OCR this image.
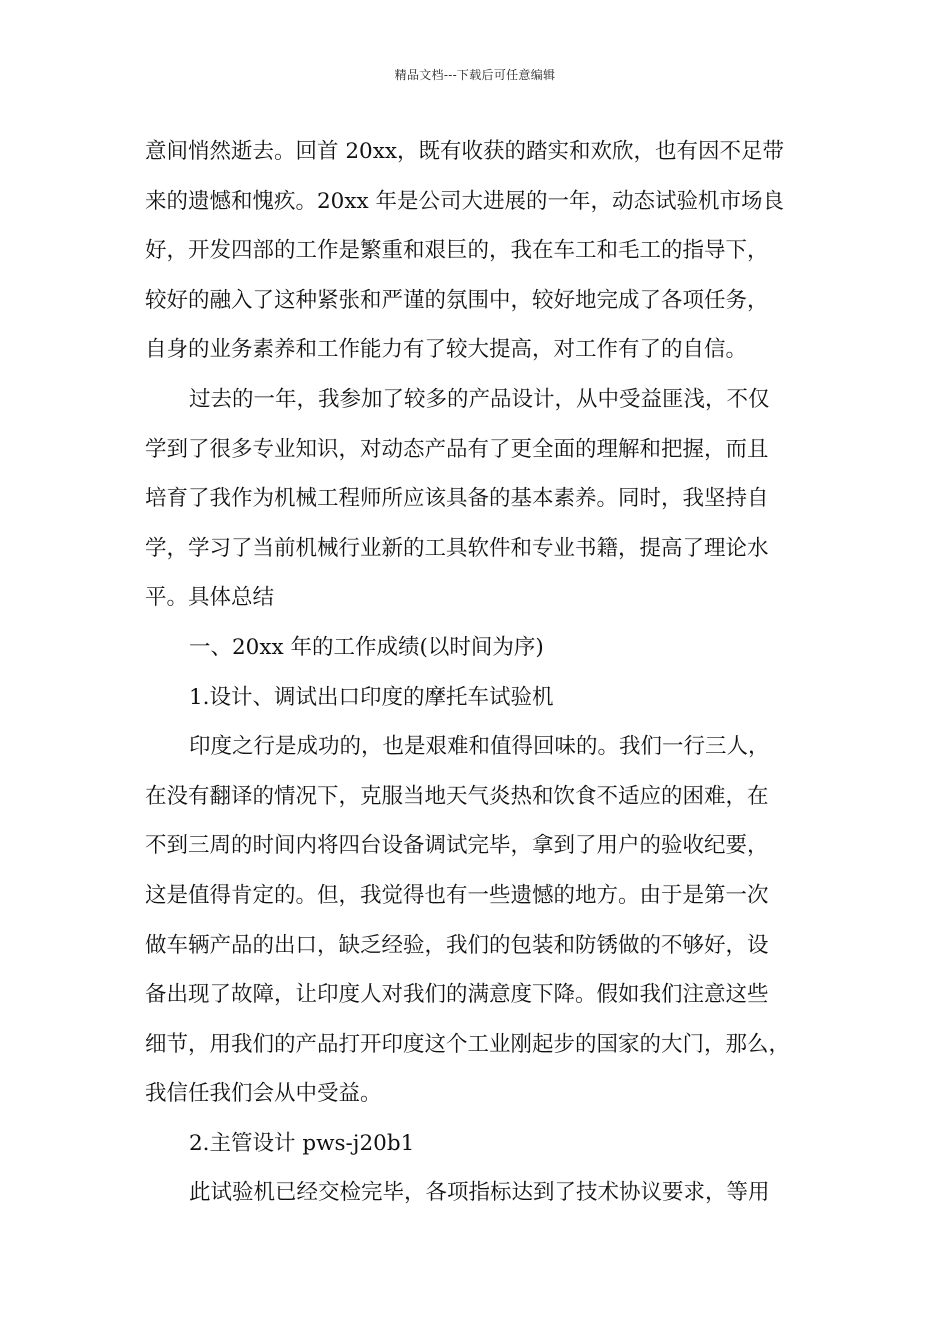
精品文档---下载后可任意编辑

意间悄然逝去。回首 20xx，既有收获的踏实和欢欣，也有因不足带

来的遗憾和愧疚。20xx 年是公司大进展的一年，动态试验机市场良

好，开发四部的工作是繁重和艰巨的，我在车工和毛工的指导下，

较好的融入了这种紧张和严谨的氛围中，较好地完成了各项任务，

自身的业务素养和工作能力有了较大提高，对工作有了的自信。

过去的一年，我参加了较多的产品设计，从中受益匪浅，不仅

学到了很多专业知识，对动态产品有了更全面的理解和把握，而且

培育了我作为机械工程师所应该具备的基本素养。同时，我坚持自

学，学习了当前机械行业新的工具软件和专业书籍，提高了理论水

平。具体总结

一、20xx 年的工作成绩(以时间为序)

1.设计、调试出口印度的摩托车试验机

印度之行是成功的，也是艰难和值得回味的。我们一行三人，

在没有翻译的情况下，克服当地天气炎热和饮食不适应的困难，在

不到三周的时间内将四台设备调试完毕，拿到了用户的验收纪要，

这是值得肯定的。但，我觉得也有一些遗憾的地方。由于是第一次

做车辆产品的出口，缺乏经验，我们的包装和防锈做的不够好，设

备出现了故障，让印度人对我们的满意度下降。假如我们注意这些

细节，用我们的产品打开印度这个工业刚起步的国家的大门，那么，

我信任我们会从中受益。

2.主管设计 pws-j20b1

此试验机已经交检完毕，各项指标达到了技术协议要求，等用
